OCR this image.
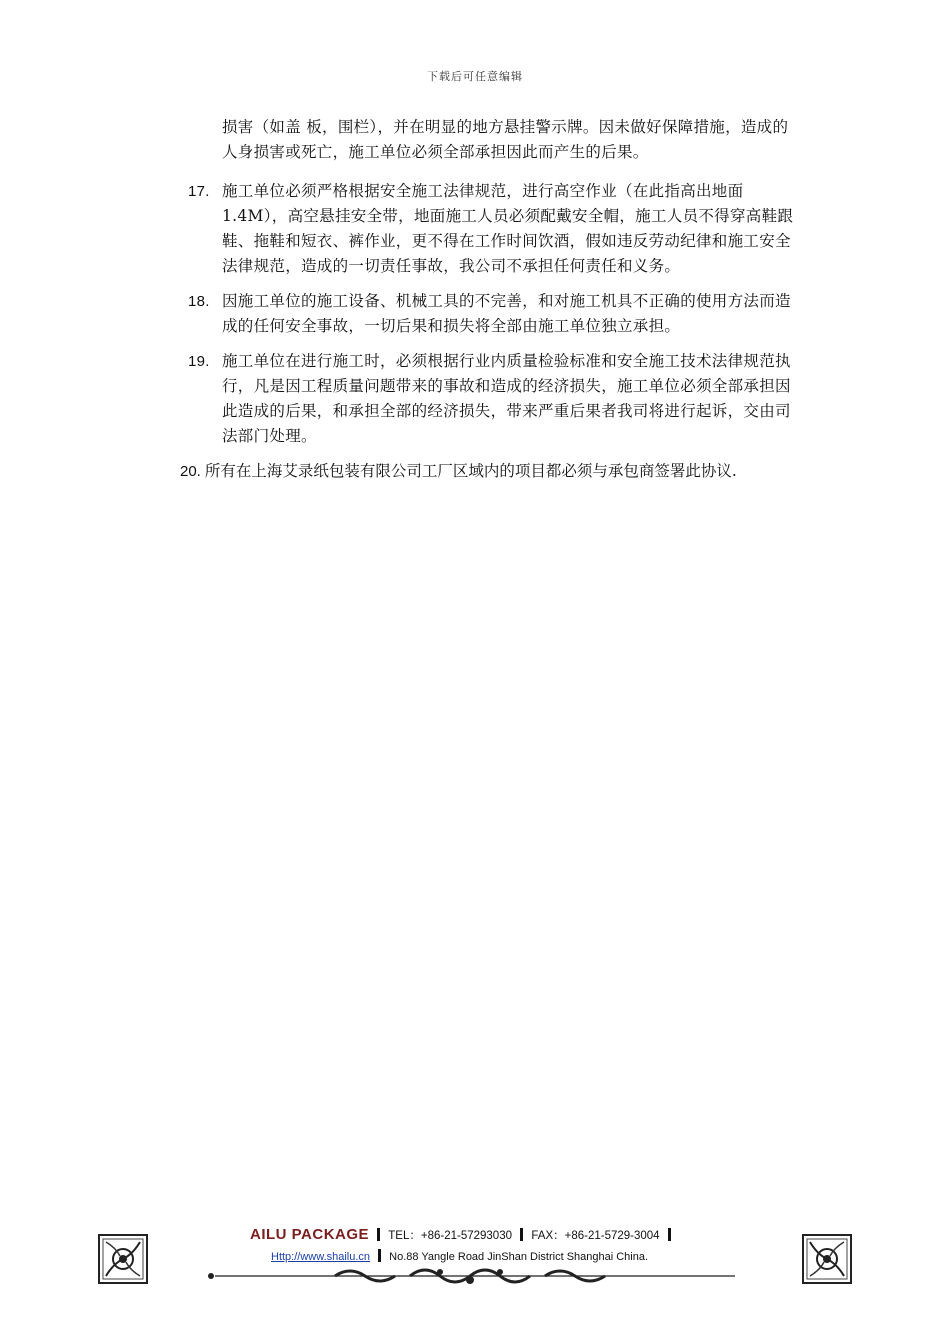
下载后可任意编辑
损害（如盖 板，围栏），并在明显的地方悬挂警示牌。因未做好保障措施，造成的人身损害或死亡，施工单位必须全部承担因此而产生的后果。
17. 施工单位必须严格根据安全施工法律规范，进行高空作业（在此指高出地面 1.4M），高空悬挂安全带，地面施工人员必须配戴安全帽，施工人员不得穿高鞋跟鞋、拖鞋和短衣、裤作业，更不得在工作时间饮酒，假如违反劳动纪律和施工安全法律规范，造成的一切责任事故，我公司不承担任何责任和义务。
18. 因施工单位的施工设备、机械工具的不完善，和对施工机具不正确的使用方法而造成的任何安全事故，一切后果和损失将全部由施工单位独立承担。
19. 施工单位在进行施工时，必须根据行业内质量检验标准和安全施工技术法律规范执行，凡是因工程质量问题带来的事故和造成的经济损失，施工单位必须全部承担因此造成的后果，和承担全部的经济损失，带来严重后果者我司将进行起诉，交由司法部门处理。
20. 所有在上海艾录纸包装有限公司工厂区域内的项目都必须与承包商签署此协议.
AILU PACKAGE TEL：+86-21-57293030 FAX：+86-21-5729-3004
Http://www.shailu.cn No.88 Yangle Road JinShan District Shanghai China.
